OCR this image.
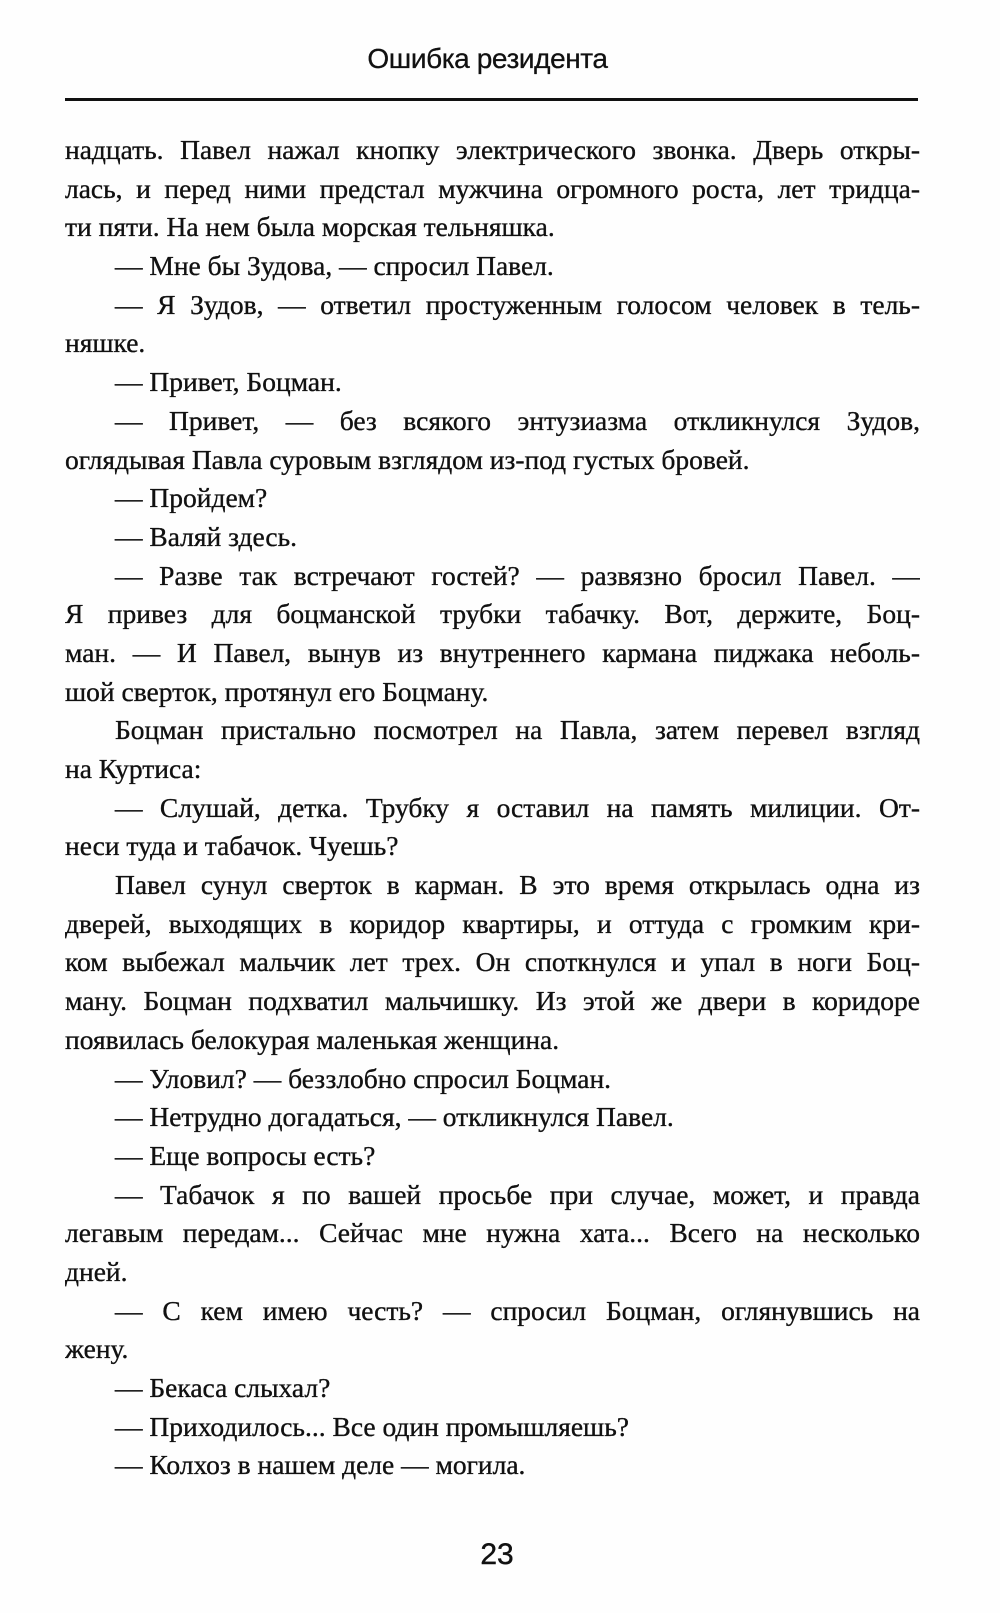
Ошибка резидента
надцать. Павел нажал кнопку электрического звонка. Дверь откры-
лась, и перед ними предстал мужчина огромного роста, лет тридца-
ти пяти. На нем была морская тельняшка.
— Мне бы Зудова, — спросил Павел.
— Я Зудов, — ответил простуженным голосом человек в тель-
няшке.
— Привет, Боцман.
— Привет, — без всякого энтузиазма откликнулся Зудов,
оглядывая Павла суровым взглядом из-под густых бровей.
— Пройдем?
— Валяй здесь.
— Разве так встречают гостей? — развязно бросил Павел. —
Я привез для боцманской трубки табачку. Вот, держите, Боц-
ман. — И Павел, вынув из внутреннего кармана пиджака неболь-
шой сверток, протянул его Боцману.
Боцман пристально посмотрел на Павла, затем перевел взгляд
на Куртиса:
— Слушай, детка. Трубку я оставил на память милиции. От-
неси туда и табачок. Чуешь?
Павел сунул сверток в карман. В это время открылась одна из
дверей, выходящих в коридор квартиры, и оттуда с громким кри-
ком выбежал мальчик лет трех. Он споткнулся и упал в ноги Боц-
ману. Боцман подхватил мальчишку. Из этой же двери в коридоре
появилась белокурая маленькая женщина.
— Уловил? — беззлобно спросил Боцман.
— Нетрудно догадаться, — откликнулся Павел.
— Еще вопросы есть?
— Табачок я по вашей просьбе при случае, может, и правда
легавым передам... Сейчас мне нужна хата... Всего на несколько
дней.
— С кем имею честь? — спросил Боцман, оглянувшись на
жену.
— Бекаса слыхал?
— Приходилось... Все один промышляешь?
— Колхоз в нашем деле — могила.
23
